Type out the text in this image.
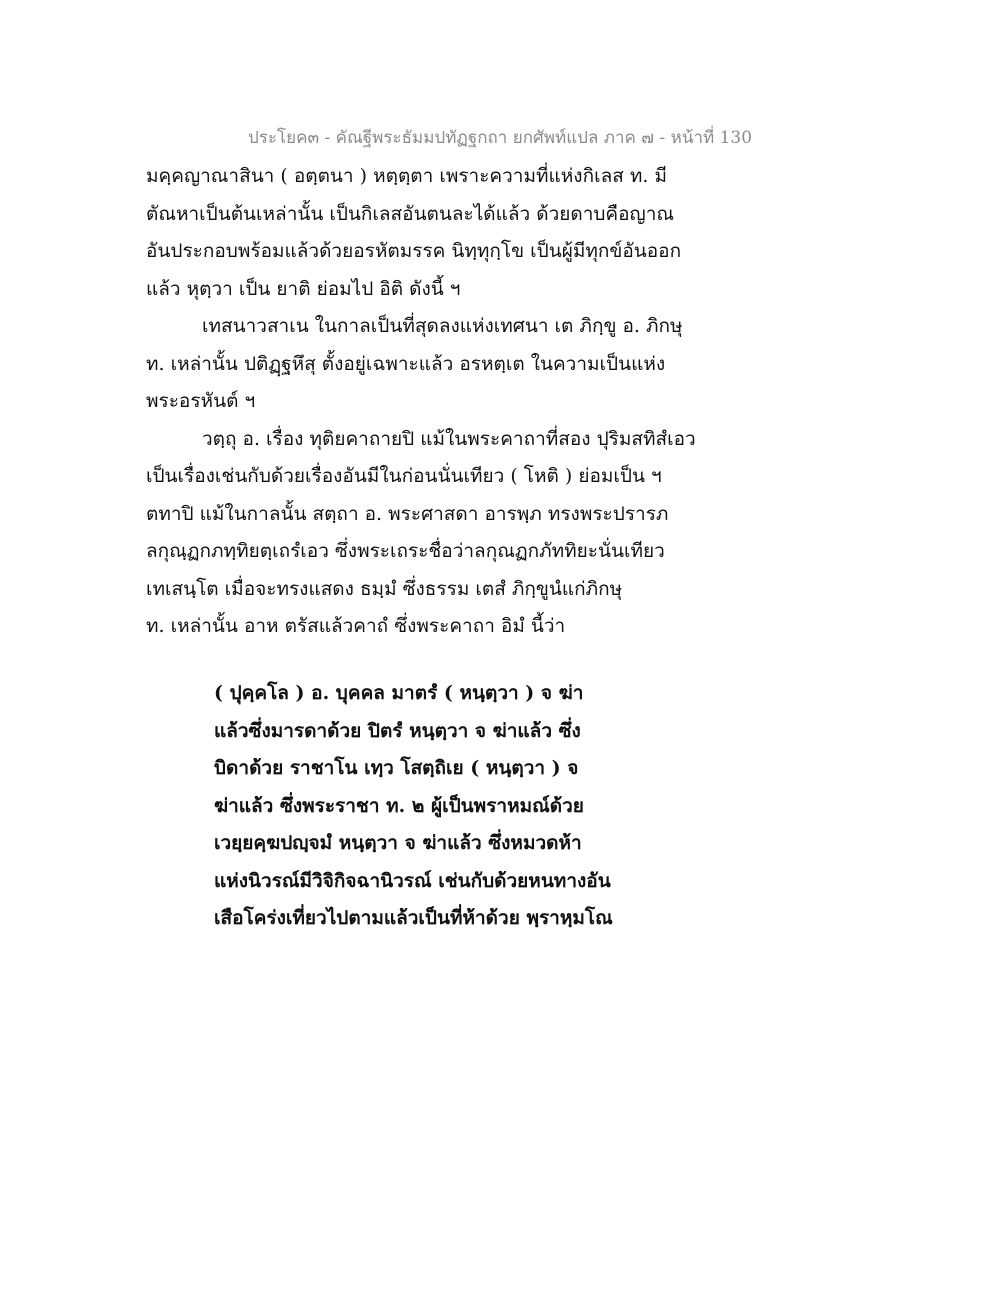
ประโยค๓ - คัณฐีพระธัมมปทัฏฐกถา ยกศัพท์แปล ภาค ๗ - หน้าที่ 130
มคฺคญาณาสินา ( อตฺตนา ) หตฺตฺตา เพราะความที่แห่งกิเลส ท. มี
ตัณหาเป็นต้นเหล่านั้น เป็นกิเลสอันตนละได้แล้ว ด้วยดาบคือญาณ
อันประกอบพร้อมแล้วด้วยอรหัตมรรค นิทฺทุกฺโข เป็นผู้มีทุกข์อันออก
แล้ว หุตฺวา เป็น ยาติ ย่อมไป อิติ ดังนี้ ฯ
เทสนาวสาเน ในกาลเป็นที่สุดลงแห่งเทศนา เต ภิกฺขู อ. ภิกษุ
ท. เหล่านั้น ปติฏฺฐหึสุ ตั้งอยู่เฉพาะแล้ว อรหตฺเต ในความเป็นแห่ง
พระอรหันต์ ฯ
วตฺถุ อ. เรื่อง ทุติยคาถายปิ แม้ในพระคาถาที่สอง ปุริมสทิสํเอว
เป็นเรื่องเช่นกับด้วยเรื่องอันมีในก่อนนั่นเทียว ( โหติ ) ย่อมเป็น ฯ
ตทาปิ แม้ในกาลนั้น สตฺถา อ. พระศาสดา อารพฺภ ทรงพระปรารภ
ลกุณฺฏกภทฺทิยตฺเถรํเอว ซึ่งพระเถระชื่อว่าลกุณฏกภัททิยะนั่นเทียว
เทเสนฺโต เมื่อจะทรงแสดง ธมฺมํ ซึ่งธรรม เตสํ ภิกฺขูนํแก่ภิกษุ
ท. เหล่านั้น อาห ตรัสแล้วคาถํ ซึ่งพระคาถา อิมํ นี้ว่า
( ปุคฺคโล ) อ. บุคคล มาตรํ ( หนฺตฺวา ) จ ฆ่า
แล้วซึ่งมารดาด้วย ปิตรํ หนฺตฺวา จ ฆ่าแล้ว ซึ่ง
บิดาด้วย ราชาโน เทฺว โสตฺถิเย ( หนฺตฺวา ) จ
ฆ่าแล้ว ซึ่งพระราชา ท. ๒ ผู้เป็นพราหมณ์ด้วย
เวยฺยคฺฆปญฺจมํ หนฺตฺวา จ ฆ่าแล้ว ซึ่งหมวดห้า
แห่งนิวรณ์มีวิจิกิจฉานิวรณ์ เช่นกับด้วยหนทางอัน
เสือโคร่งเที่ยวไปตามแล้วเป็นที่ห้าด้วย พฺราหฺมโณ
